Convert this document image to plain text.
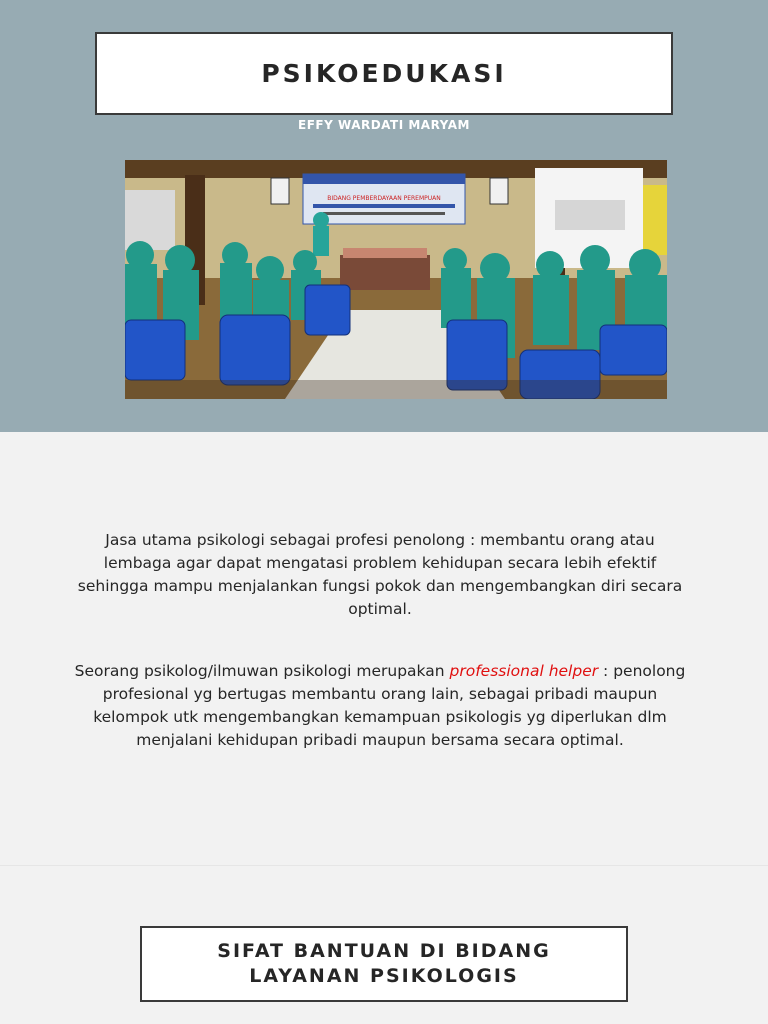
PSIKOEDUKASI
EFFY WARDATI MARYAM
BIDANG PEMBERDAYAAN PEREMPUAN

Jasa utama psikologi sebagai profesi penolong : membantu orang atau lembaga agar dapat mengatasi problem kehidupan secara lebih efektif sehingga mampu menjalankan fungsi pokok dan mengembangkan diri secara optimal.

Seorang psikolog/ilmuwan psikologi merupakan professional helper : penolong profesional yg bertugas membantu orang lain, sebagai pribadi maupun kelompok utk mengembangkan kemampuan psikologis yg diperlukan dlm menjalani kehidupan pribadi maupun bersama secara optimal.

SIFAT BANTUAN DI BIDANG
LAYANAN PSIKOLOGIS
